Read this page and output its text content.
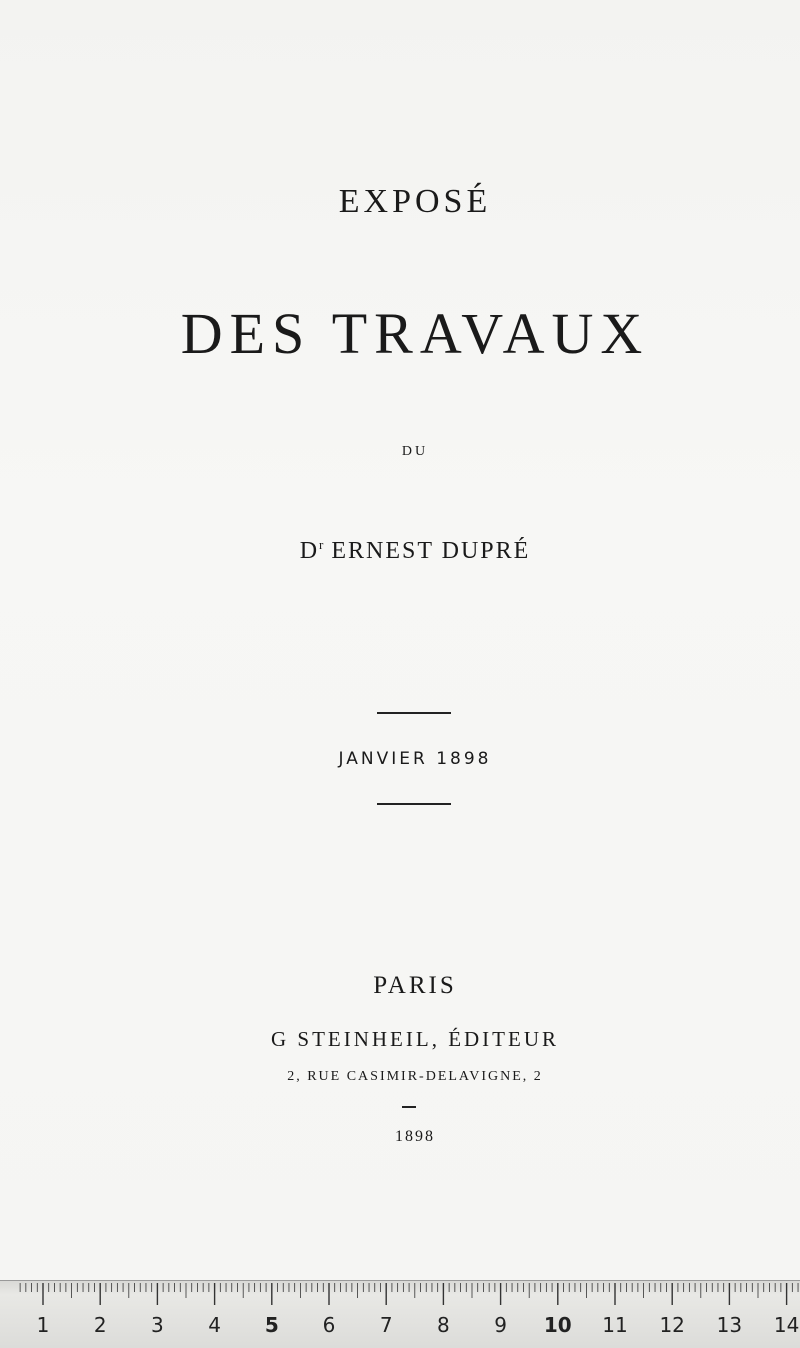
EXPOSÉ
DES TRAVAUX
DU
$D^r$ ERNEST DUPRÉ
JANVIER 1898
PARIS
G STEINHEIL, ÉDITEUR
2, RUE CASIMIR-DELAVIGNE, 2
1898
1 2 3 4 5 6 7 8 9 10 11 12 13 14
